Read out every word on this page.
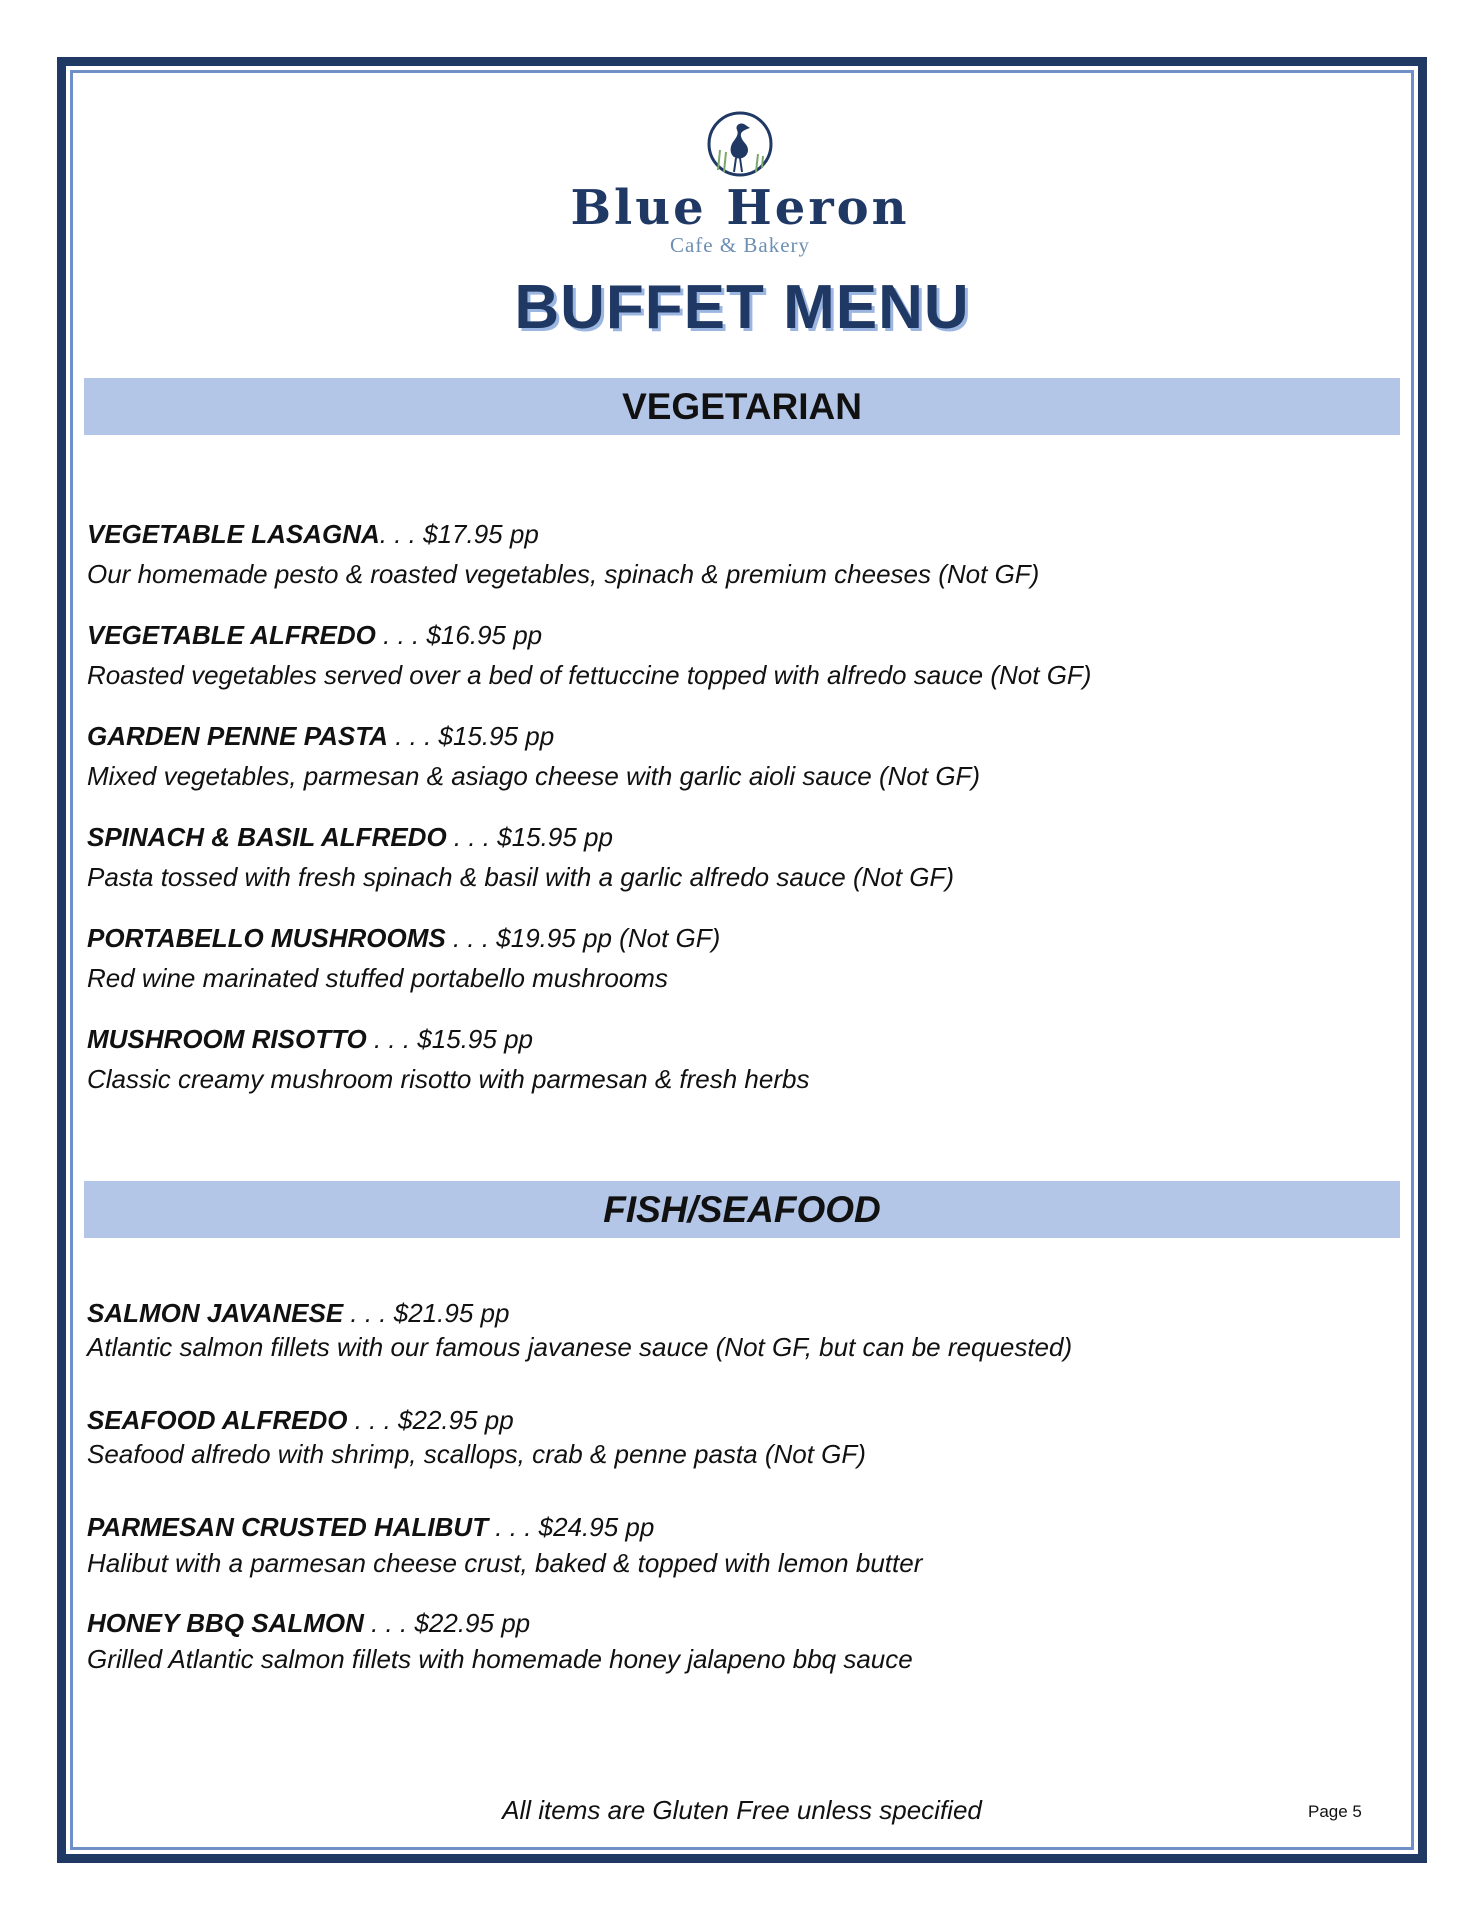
Blue Heron
Cafe & Bakery
BUFFET MENU
VEGETARIAN
VEGETABLE LASAGNA. . . $17.95 pp
Our homemade pesto & roasted vegetables, spinach & premium cheeses (Not GF)
VEGETABLE ALFREDO . . . $16.95 pp
Roasted vegetables served over a bed of fettuccine topped with alfredo sauce (Not GF)
GARDEN PENNE PASTA . . . $15.95 pp
Mixed vegetables, parmesan & asiago cheese with garlic aioli sauce (Not GF)
SPINACH & BASIL ALFREDO . . . $15.95 pp
Pasta tossed with fresh spinach & basil with a garlic alfredo sauce (Not GF)
PORTABELLO MUSHROOMS . . . $19.95 pp (Not GF)
Red wine marinated stuffed portabello mushrooms
MUSHROOM RISOTTO . . . $15.95 pp
Classic creamy mushroom risotto with parmesan & fresh herbs
FISH/SEAFOOD
SALMON JAVANESE . . . $21.95 pp
Atlantic salmon fillets with our famous javanese sauce (Not GF, but can be requested)
SEAFOOD ALFREDO . . . $22.95 pp
Seafood alfredo with shrimp, scallops, crab & penne pasta (Not GF)
PARMESAN CRUSTED HALIBUT . . . $24.95 pp
Halibut with a parmesan cheese crust, baked & topped with lemon butter
HONEY BBQ SALMON . . . $22.95 pp
Grilled Atlantic salmon fillets with homemade honey jalapeno bbq sauce
All items are Gluten Free unless specified	Page 5
